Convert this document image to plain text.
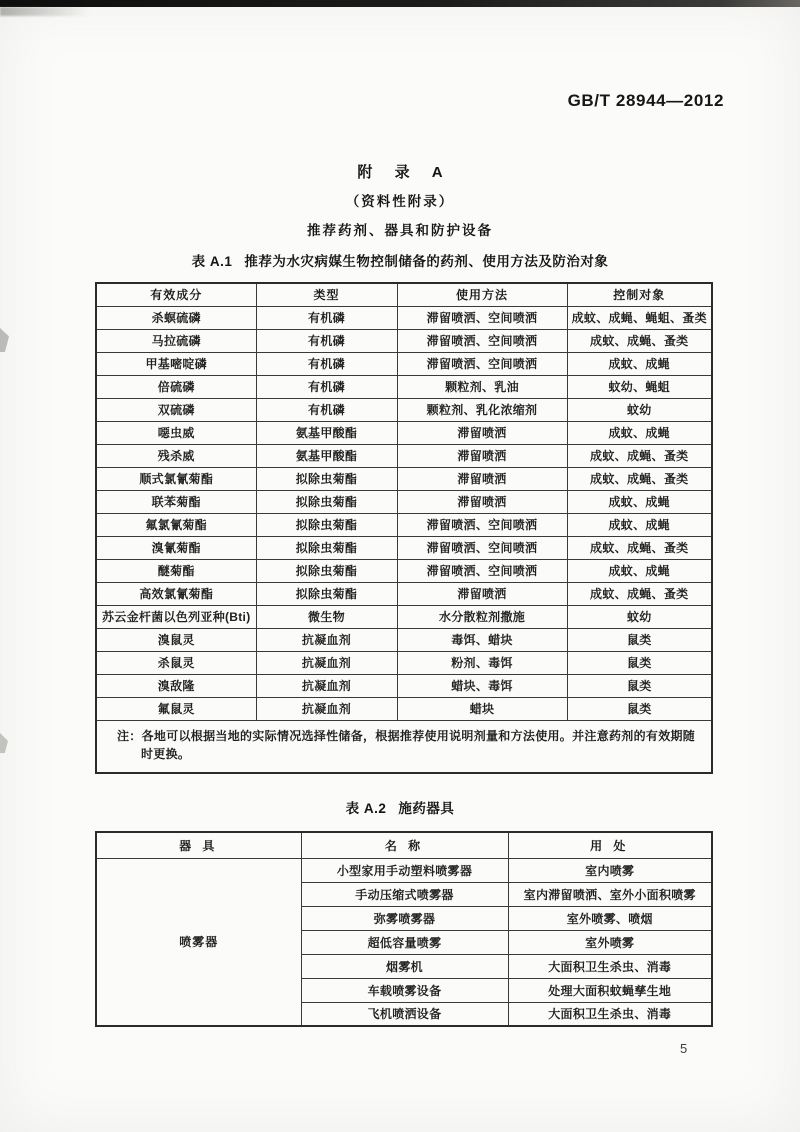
GB/T 28944—2012
附 录 A
（资料性附录）
推荐药剂、器具和防护设备
表 A.1 推荐为水灾病媒生物控制储备的药剂、使用方法及防治对象
有效成分	类型	使用方法	控制对象
杀螟硫磷	有机磷	滞留喷洒、空间喷洒	成蚊、成蝇、蝇蛆、蚤类
马拉硫磷	有机磷	滞留喷洒、空间喷洒	成蚊、成蝇、蚤类
甲基嘧啶磷	有机磷	滞留喷洒、空间喷洒	成蚊、成蝇
倍硫磷	有机磷	颗粒剂、乳油	蚊幼、蝇蛆
双硫磷	有机磷	颗粒剂、乳化浓缩剂	蚊幼
噁虫威	氨基甲酸酯	滞留喷洒	成蚊、成蝇
残杀威	氨基甲酸酯	滞留喷洒	成蚊、成蝇、蚤类
顺式氯氰菊酯	拟除虫菊酯	滞留喷洒	成蚊、成蝇、蚤类
联苯菊酯	拟除虫菊酯	滞留喷洒	成蚊、成蝇
氟氯氰菊酯	拟除虫菊酯	滞留喷洒、空间喷洒	成蚊、成蝇
溴氰菊酯	拟除虫菊酯	滞留喷洒、空间喷洒	成蚊、成蝇、蚤类
醚菊酯	拟除虫菊酯	滞留喷洒、空间喷洒	成蚊、成蝇
高效氯氰菊酯	拟除虫菊酯	滞留喷洒	成蚊、成蝇、蚤类
苏云金杆菌以色列亚种(Bti)	微生物	水分散粒剂撒施	蚊幼
溴鼠灵	抗凝血剂	毒饵、蜡块	鼠类
杀鼠灵	抗凝血剂	粉剂、毒饵	鼠类
溴敌隆	抗凝血剂	蜡块、毒饵	鼠类
氟鼠灵	抗凝血剂	蜡块	鼠类

注：各地可以根据当地的实际情况选择性储备，根据推荐使用说明剂量和方法使用。并注意药剂的有效期随时更换。			
表 A.2 施药器具
器 具	名 称	用 处
喷雾器	小型家用手动塑料喷雾器	室内喷雾
	手动压缩式喷雾器	室内滞留喷洒、室外小面积喷雾
	弥雾喷雾器	室外喷雾、喷烟
	超低容量喷雾	室外喷雾
	烟雾机	大面积卫生杀虫、消毒
	车载喷雾设备	处理大面积蚊蝇孳生地
	飞机喷洒设备	大面积卫生杀虫、消毒
5
